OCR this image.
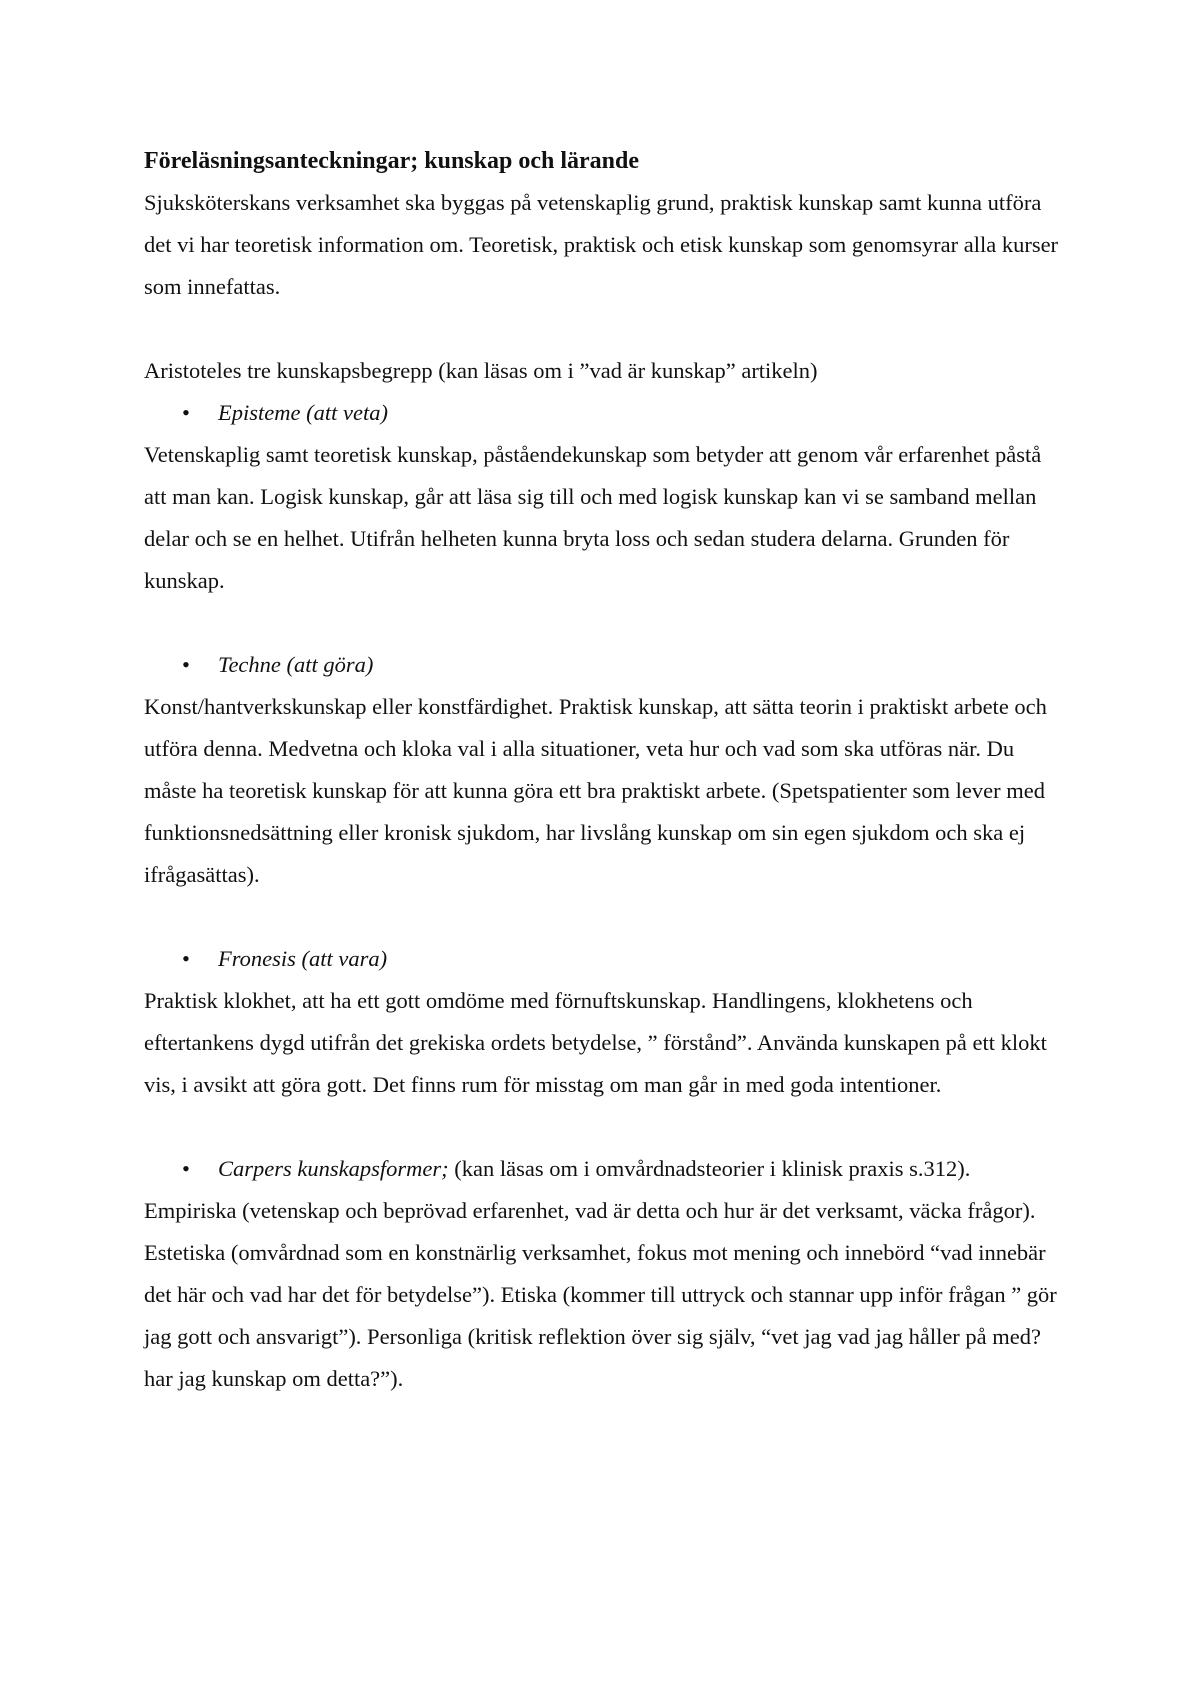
Föreläsningsanteckningar; kunskap och lärande

Sjuksköterskans verksamhet ska byggas på vetenskaplig grund, praktisk kunskap samt kunna utföra det vi har teoretisk information om. Teoretisk, praktisk och etisk kunskap som genomsyrar alla kurser som innefattas.

Aristoteles tre kunskapsbegrepp (kan läsas om i ”vad är kunskap” artikeln)

• Episteme (att veta)

Vetenskaplig samt teoretisk kunskap, påståendekunskap som betyder att genom vår erfarenhet påstå att man kan. Logisk kunskap, går att läsa sig till och med logisk kunskap kan vi se samband mellan delar och se en helhet. Utifrån helheten kunna bryta loss och sedan studera delarna. Grunden för kunskap.

• Techne (att göra)

Konst/hantverkskunskap eller konstfärdighet. Praktisk kunskap, att sätta teorin i praktiskt arbete och utföra denna. Medvetna och kloka val i alla situationer, veta hur och vad som ska utföras när. Du måste ha teoretisk kunskap för att kunna göra ett bra praktiskt arbete. (Spetspatienter som lever med funktionsnedsättning eller kronisk sjukdom, har livslång kunskap om sin egen sjukdom och ska ej ifrågasättas).

• Fronesis (att vara)

Praktisk klokhet, att ha ett gott omdöme med förnuftskunskap. Handlingens, klokhetens och eftertankens dygd utifrån det grekiska ordets betydelse, ” förstånd”. Använda kunskapen på ett klokt vis, i avsikt att göra gott. Det finns rum för misstag om man går in med goda intentioner.

• Carpers kunskapsformer; (kan läsas om i omvårdnadsteorier i klinisk praxis s.312).

Empiriska (vetenskap och beprövad erfarenhet, vad är detta och hur är det verksamt, väcka frågor). Estetiska (omvårdnad som en konstnärlig verksamhet, fokus mot mening och innebörd “vad innebär det här och vad har det för betydelse”). Etiska (kommer till uttryck och stannar upp inför frågan ” gör jag gott och ansvarigt”). Personliga (kritisk reflektion över sig själv, “vet jag vad jag håller på med? har jag kunskap om detta?”).
